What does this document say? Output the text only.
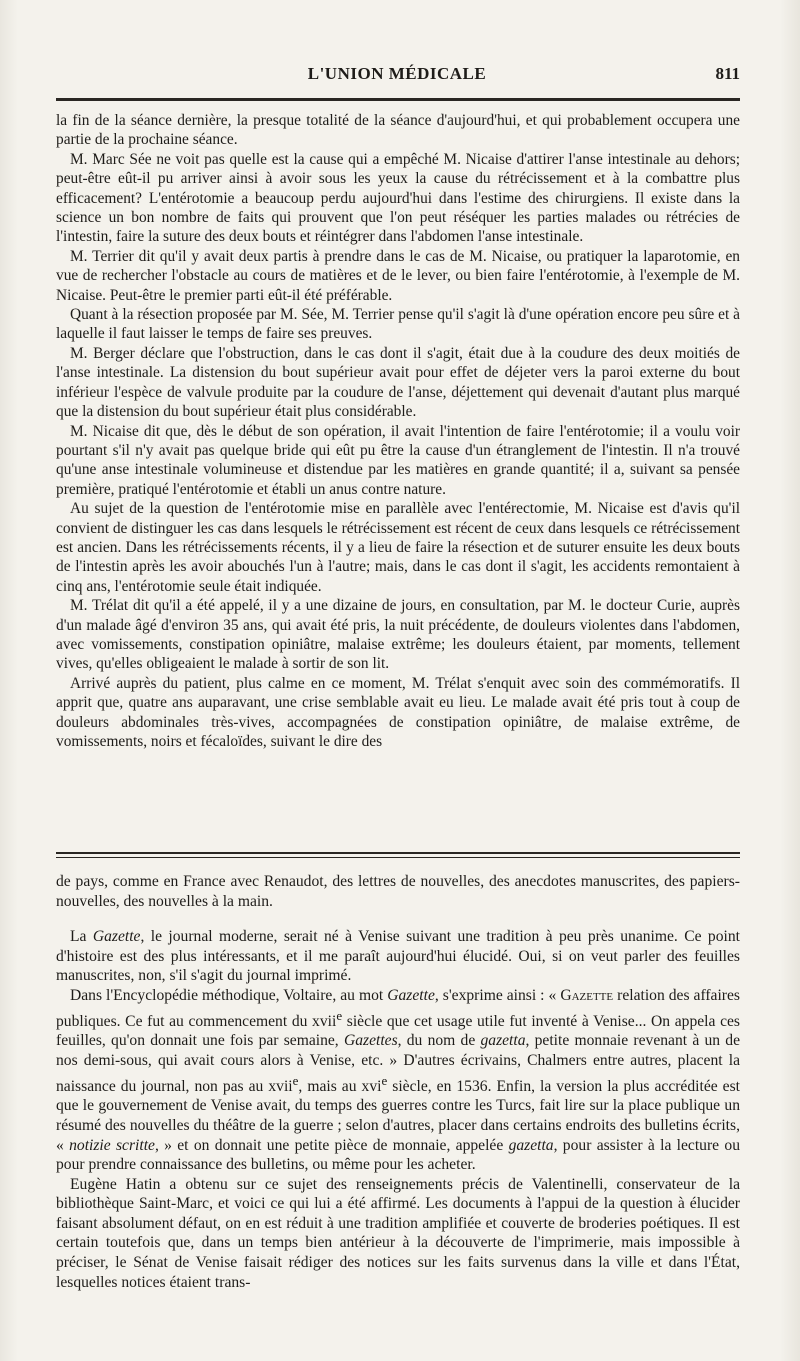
L'UNION MÉDICALE	811

la fin de la séance dernière, la presque totalité de la séance d'aujourd'hui, et qui probablement occupera une partie de la prochaine séance.

M. Marc Sée ne voit pas quelle est la cause qui a empêché M. Nicaise d'attirer l'anse intestinale au dehors; peut-être eût-il pu arriver ainsi à avoir sous les yeux la cause du rétrécissement et à la combattre plus efficacement? L'entérotomie a beaucoup perdu aujourd'hui dans l'estime des chirurgiens. Il existe dans la science un bon nombre de faits qui prouvent que l'on peut réséquer les parties malades ou rétrécies de l'intestin, faire la suture des deux bouts et réintégrer dans l'abdomen l'anse intestinale.

M. Terrier dit qu'il y avait deux partis à prendre dans le cas de M. Nicaise, ou pratiquer la laparotomie, en vue de rechercher l'obstacle au cours de matières et de le lever, ou bien faire l'entérotomie, à l'exemple de M. Nicaise. Peut-être le premier parti eût-il été préférable.

Quant à la résection proposée par M. Sée, M. Terrier pense qu'il s'agit là d'une opération encore peu sûre et à laquelle il faut laisser le temps de faire ses preuves.

M. Berger déclare que l'obstruction, dans le cas dont il s'agit, était due à la coudure des deux moitiés de l'anse intestinale. La distension du bout supérieur avait pour effet de déjeter vers la paroi externe du bout inférieur l'espèce de valvule produite par la coudure de l'anse, déjettement qui devenait d'autant plus marqué que la distension du bout supérieur était plus considérable.

M. Nicaise dit que, dès le début de son opération, il avait l'intention de faire l'entérotomie; il a voulu voir pourtant s'il n'y avait pas quelque bride qui eût pu être la cause d'un étranglement de l'intestin. Il n'a trouvé qu'une anse intestinale volumineuse et distendue par les matières en grande quantité; il a, suivant sa pensée première, pratiqué l'entérotomie et établi un anus contre nature.

Au sujet de la question de l'entérotomie mise en parallèle avec l'entérectomie, M. Nicaise est d'avis qu'il convient de distinguer les cas dans lesquels le rétrécissement est récent de ceux dans lesquels ce rétrécissement est ancien. Dans les rétrécissements récents, il y a lieu de faire la résection et de suturer ensuite les deux bouts de l'intestin après les avoir abouchés l'un à l'autre; mais, dans le cas dont il s'agit, les accidents remontaient à cinq ans, l'entérotomie seule était indiquée.

M. Trélat dit qu'il a été appelé, il y a une dizaine de jours, en consultation, par M. le docteur Curie, auprès d'un malade âgé d'environ 35 ans, qui avait été pris, la nuit précédente, de douleurs violentes dans l'abdomen, avec vomissements, constipation opiniâtre, malaise extrême; les douleurs étaient, par moments, tellement vives, qu'elles obligeaient le malade à sortir de son lit.

Arrivé auprès du patient, plus calme en ce moment, M. Trélat s'enquit avec soin des commémoratifs. Il apprit que, quatre ans auparavant, une crise semblable avait eu lieu. Le malade avait été pris tout à coup de douleurs abdominales très-vives, accompagnées de constipation opiniâtre, de malaise extrême, de vomissements, noirs et fécaloïdes, suivant le dire des

de pays, comme en France avec Renaudot, des lettres de nouvelles, des anecdotes manuscrites, des papiers-nouvelles, des nouvelles à la main.

La Gazette, le journal moderne, serait né à Venise suivant une tradition à peu près unanime. Ce point d'histoire est des plus intéressants, et il me paraît aujourd'hui élucidé. Oui, si on veut parler des feuilles manuscrites, non, s'il s'agit du journal imprimé.

Dans l'Encyclopédie méthodique, Voltaire, au mot Gazette, s'exprime ainsi : « Gazette relation des affaires publiques. Ce fut au commencement du xvii$^e$ siècle que cet usage utile fut inventé à Venise... On appela ces feuilles, qu'on donnait une fois par semaine, Gazettes, du nom de gazetta, petite monnaie revenant à un de nos demi-sous, qui avait cours alors à Venise, etc. » D'autres écrivains, Chalmers entre autres, placent la naissance du journal, non pas au xvii$^e$, mais au xvi$^e$ siècle, en 1536. Enfin, la version la plus accréditée est que le gouvernement de Venise avait, du temps des guerres contre les Turcs, fait lire sur la place publique un résumé des nouvelles du théâtre de la guerre ; selon d'autres, placer dans certains endroits des bulletins écrits, « notizie scritte, » et on donnait une petite pièce de monnaie, appelée gazetta, pour assister à la lecture ou pour prendre connaissance des bulletins, ou même pour les acheter.

Eugène Hatin a obtenu sur ce sujet des renseignements précis de Valentinelli, conservateur de la bibliothèque Saint-Marc, et voici ce qui lui a été affirmé. Les documents à l'appui de la question à élucider faisant absolument défaut, on en est réduit à une tradition amplifiée et couverte de broderies poétiques. Il est certain toutefois que, dans un temps bien antérieur à la découverte de l'imprimerie, mais impossible à préciser, le Sénat de Venise faisait rédiger des notices sur les faits survenus dans la ville et dans l'État, lesquelles notices étaient trans-
